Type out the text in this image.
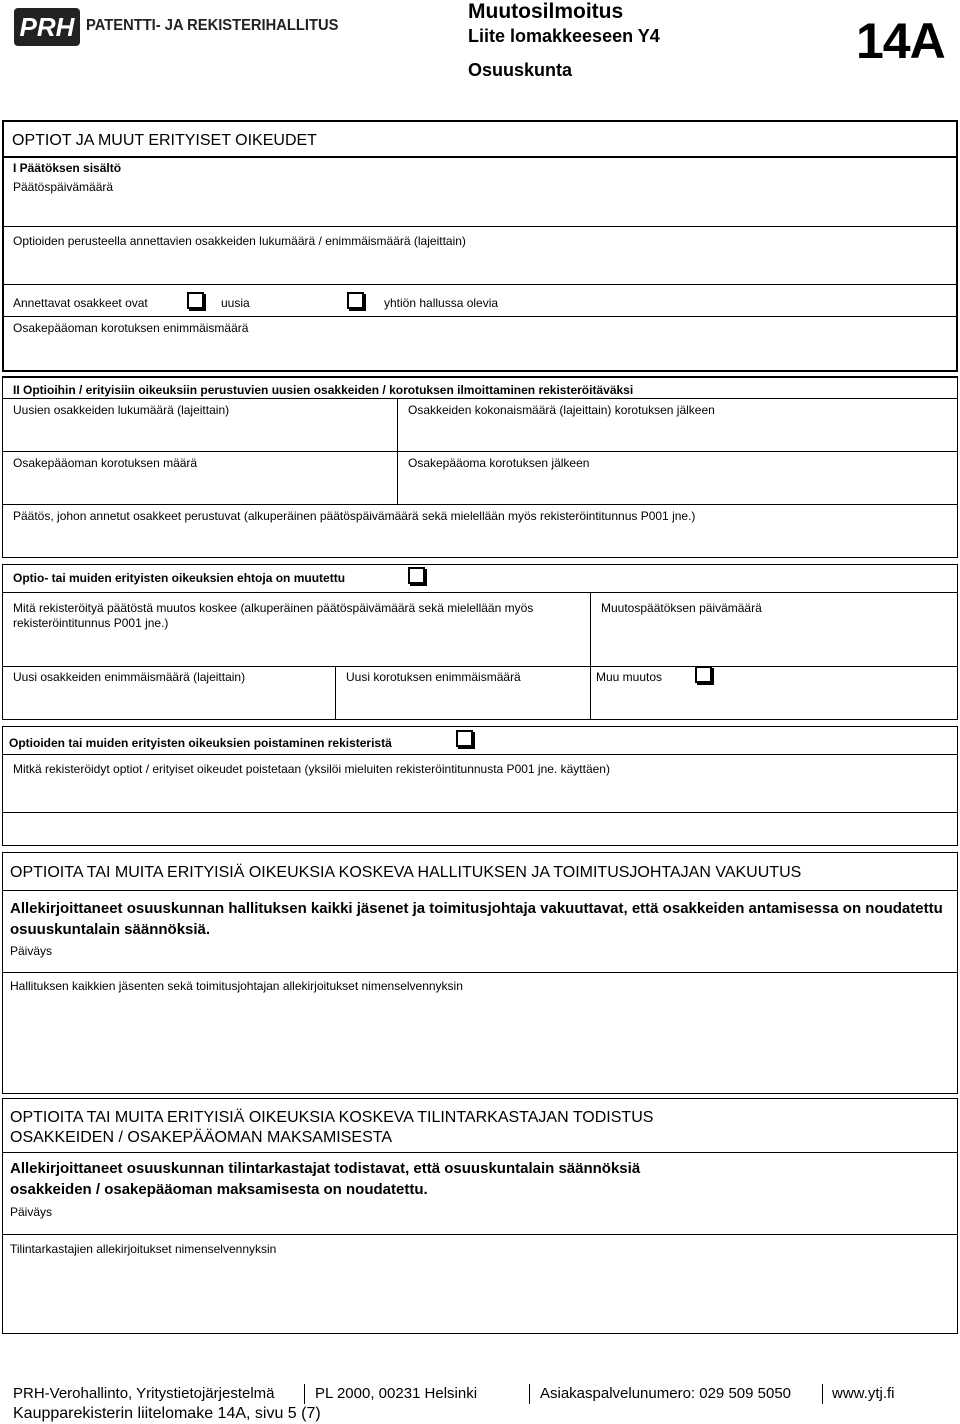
PRH PATENTTI- JA REKISTERIHALLITUS
Muutosilmoitus
Liite lomakkeeseen Y4
Osuuskunta
14A
OPTIOT JA MUUT ERITYISET OIKEUDET
I Päätöksen sisältö
Päätöspäivämäärä
Optioiden perusteella annettavien osakkeiden lukumäärä / enimmäismäärä (lajeittain)
Annettavat osakkeet ovat	uusia	yhtiön hallussa olevia
Osakepääoman korotuksen enimmäismäärä
II Optioihin / erityisiin oikeuksiin perustuvien uusien osakkeiden / korotuksen ilmoittaminen rekisteröitäväksi
Uusien osakkeiden lukumäärä (lajeittain)	Osakkeiden kokonaismäärä (lajeittain) korotuksen jälkeen
Osakepääoman korotuksen määrä	Osakepääoma korotuksen jälkeen
Päätös, johon annetut osakkeet perustuvat (alkuperäinen päätöspäivämäärä sekä mielellään myös rekisteröintitunnus P001 jne.)
Optio- tai muiden erityisten oikeuksien ehtoja on muutettu
Mitä rekisteröityä päätöstä muutos koskee (alkuperäinen päätöspäivämäärä sekä mielellään myös
rekisteröintitunnus P001 jne.)
Muutospäätöksen päivämäärä
Uusi osakkeiden enimmäismäärä (lajeittain)	Uusi korotuksen enimmäismäärä	Muu muutos
Optioiden tai muiden erityisten oikeuksien poistaminen rekisteristä
Mitkä rekisteröidyt optiot / erityiset oikeudet poistetaan (yksilöi mieluiten rekisteröintitunnusta P001 jne. käyttäen)
OPTIOITA TAI MUITA ERITYISIÄ OIKEUKSIA KOSKEVA HALLITUKSEN JA TOIMITUSJOHTAJAN VAKUUTUS
Allekirjoittaneet osuuskunnan hallituksen kaikki jäsenet ja toimitusjohtaja vakuuttavat, että osakkeiden antamisessa on noudatettu osuuskuntalain säännöksiä.
Päiväys
Hallituksen kaikkien jäsenten sekä toimitusjohtajan allekirjoitukset nimenselvennyksin
OPTIOITA TAI MUITA ERITYISIÄ OIKEUKSIA KOSKEVA TILINTARKASTAJAN TODISTUS
OSAKKEIDEN / OSAKEPÄÄOMAN MAKSAMISESTA
Allekirjoittaneet osuuskunnan tilintarkastajat todistavat, että osuuskuntalain säännöksiä
osakkeiden / osakepääoman maksamisesta on noudatettu.
Päiväys
Tilintarkastajien allekirjoitukset nimenselvennyksin
PRH-Verohallinto, Yritystietojärjestelmä	PL 2000, 00231 Helsinki	Asiakaspalvelunumero: 029 509 5050	www.ytj.fi
Kaupparekisterin liitelomake 14A, sivu 5 (7)
